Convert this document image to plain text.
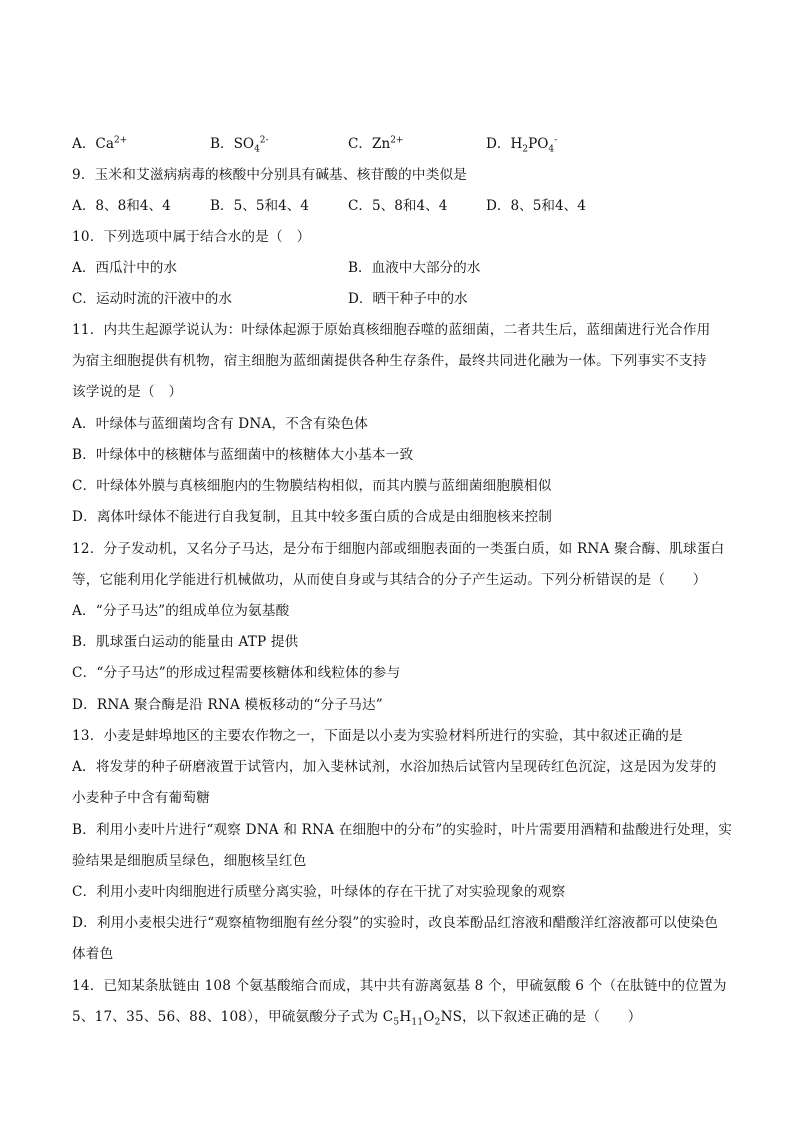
A．$Ca^{2+}$	B．$SO_4^{2-}$	C．$Zn^{2+}$	D．$H_2PO_4^-$
9．玉米和艾滋病病毒的核酸中分别具有碱基、核苷酸的中类似是
A．8、8和4、4	B．5、5和4、4	C．5、8和4、4	D．8、5和4、4
10．下列选项中属于结合水的是（　）
A．西瓜汁中的水	B．血液中大部分的水
C．运动时流的汗液中的水	D．晒干种子中的水
11．内共生起源学说认为：叶绿体起源于原始真核细胞吞噬的蓝细菌，二者共生后，蓝细菌进行光合作用
为宿主细胞提供有机物，宿主细胞为蓝细菌提供各种生存条件，最终共同进化融为一体。下列事实不支持
该学说的是（　）
A．叶绿体与蓝细菌均含有 DNA，不含有染色体
B．叶绿体中的核糖体与蓝细菌中的核糖体大小基本一致
C．叶绿体外膜与真核细胞内的生物膜结构相似，而其内膜与蓝细菌细胞膜相似
D．离体叶绿体不能进行自我复制，且其中较多蛋白质的合成是由细胞核来控制
12．分子发动机，又名分子马达，是分布于细胞内部或细胞表面的一类蛋白质，如 RNA 聚合酶、肌球蛋白
等，它能利用化学能进行机械做功，从而使自身或与其结合的分子产生运动。下列分析错误的是（　　）
A．“分子马达”的组成单位为氨基酸
B．肌球蛋白运动的能量由 ATP 提供
C．“分子马达”的形成过程需要核糖体和线粒体的参与
D．RNA 聚合酶是沿 RNA 模板移动的“分子马达”
13．小麦是蚌埠地区的主要农作物之一，下面是以小麦为实验材料所进行的实验，其中叙述正确的是
A．将发芽的种子研磨液置于试管内，加入斐林试剂，水浴加热后试管内呈现砖红色沉淀，这是因为发芽的
小麦种子中含有葡萄糖
B．利用小麦叶片进行“观察 DNA 和 RNA 在细胞中的分布”的实验时，叶片需要用酒精和盐酸进行处理，实
验结果是细胞质呈绿色，细胞核呈红色
C．利用小麦叶肉细胞进行质壁分离实验，叶绿体的存在干扰了对实验现象的观察
D．利用小麦根尖进行“观察植物细胞有丝分裂”的实验时，改良苯酚品红溶液和醋酸洋红溶液都可以使染色
体着色
14．已知某条肽链由 108 个氨基酸缩合而成，其中共有游离氨基 8 个，甲硫氨酸 6 个（在肽链中的位置为
5、17、35、56、88、108），甲硫氨酸分子式为 $C_5H_{11}O_2NS$，以下叙述正确的是（　　）
